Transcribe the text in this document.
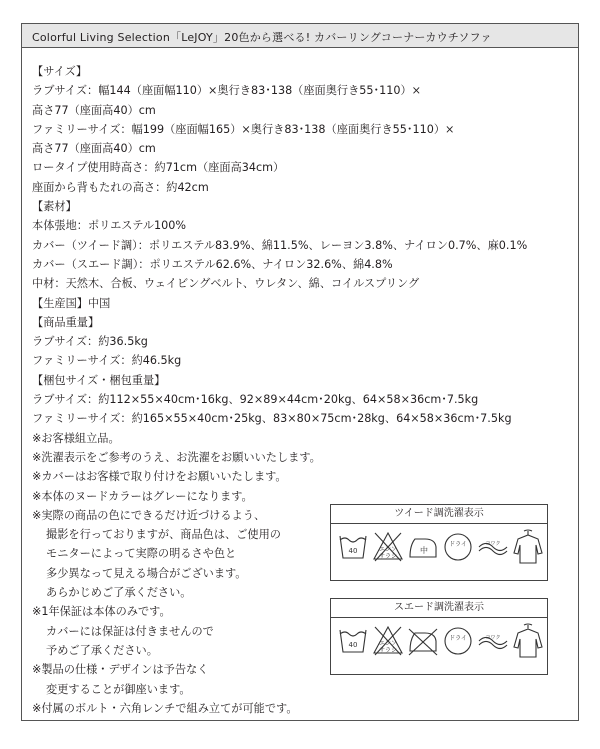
Colorful Living Selection「LeJOY」20色から選べる! カバーリングコーナーカウチソファ
【サイズ】
ラブサイズ：幅144（座面幅110）×奥行き83･138（座面奥行き55･110）×
高さ77（座面高40）cm
ファミリーサイズ：幅199（座面幅165）×奥行き83･138（座面奥行き55･110）×
高さ77（座面高40）cm
ロータイプ使用時高さ：約71cm（座面高34cm）
座面から背もたれの高さ：約42cm
【素材】
本体張地：ポリエステル100%
カバー（ツイード調）：ポリエステル83.9%、綿11.5%、レーヨン3.8%、ナイロン0.7%、麻0.1%
カバー（スエード調）：ポリエステル62.6%、ナイロン32.6%、綿4.8%
中材：天然木、合板、ウェイビングベルト、ウレタン、綿、コイルスプリング
【生産国】中国
【商品重量】
ラブサイズ：約36.5kg
ファミリーサイズ：約46.5kg
【梱包サイズ・梱包重量】
ラブサイズ：約112×55×40cm･16kg、92×89×44cm･20kg、64×58×36cm･7.5kg
ファミリーサイズ：約165×55×40cm･25kg、83×80×75cm･28kg、64×58×36cm･7.5kg
※お客様組立品。
※洗濯表示をご参考のうえ、お洗濯をお願いいたします。
※カバーはお客様で取り付けをお願いいたします。
※本体のヌードカラーはグレーになります。
※実際の商品の色にできるだけ近づけるよう、
撮影を行っておりますが、商品色は、ご使用の
モニターによって実際の明るさや色と
多少異なって見える場合がございます。
あらかじめご了承ください。
※1年保証は本体のみです。
カバーには保証は付きませんので
予めご了承ください。
※製品の仕様・デザインは予告なく
変更することが御座います。
※付属のボルト・六角レンチで組み立てが可能です。
ツイード調洗濯表示
40	エンソ
サラシ
中
ドライ	ヨワク
スエード調洗濯表示
40	エンソ
サラシ
ドライ	ヨワク
